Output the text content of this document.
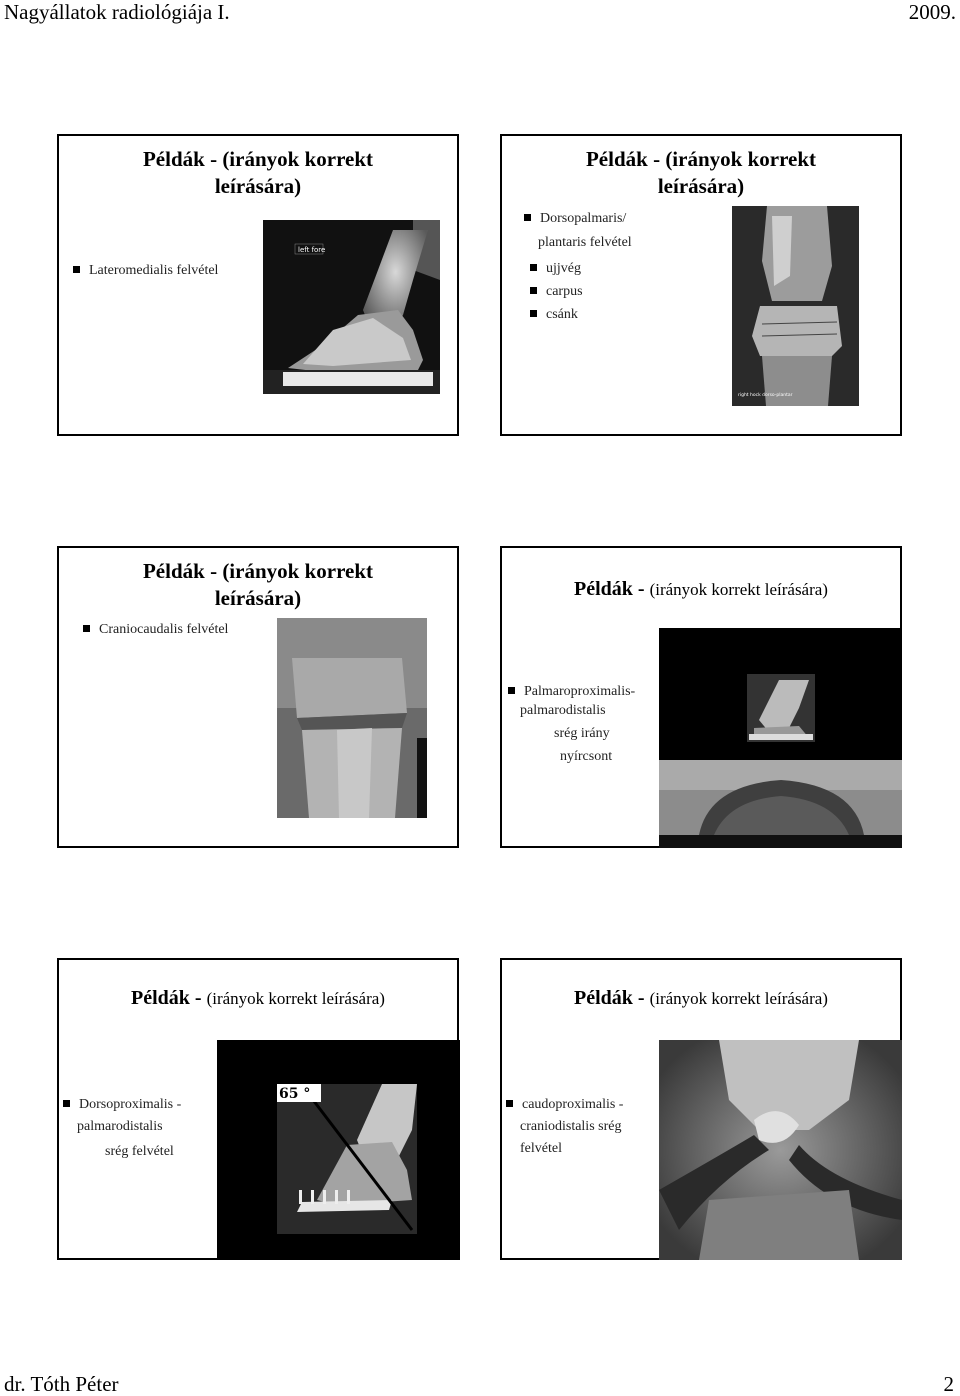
Nagyállatok radiológiája I.	2009.
Példák - (irányok korrekt
leírására)
Lateromedialis felvétel
left fore
Példák - (irányok korrekt
leírására)
Dorsopalmaris/
plantaris felvétel
ujjvég
carpus
csánk
right hock dorso-plantar
Példák - (irányok korrekt
leírására)
Craniocaudalis felvétel
Példák - (irányok korrekt leírására)
Palmaroproximalis-
palmarodistalis
srég irány
nyírcsont
Példák - (irányok korrekt leírására)
Dorsoproximalis -
palmarodistalis
srég felvétel
65 °
Példák - (irányok korrekt leírására)
caudoproximalis -
craniodistalis srég
felvétel
dr. Tóth Péter	2
